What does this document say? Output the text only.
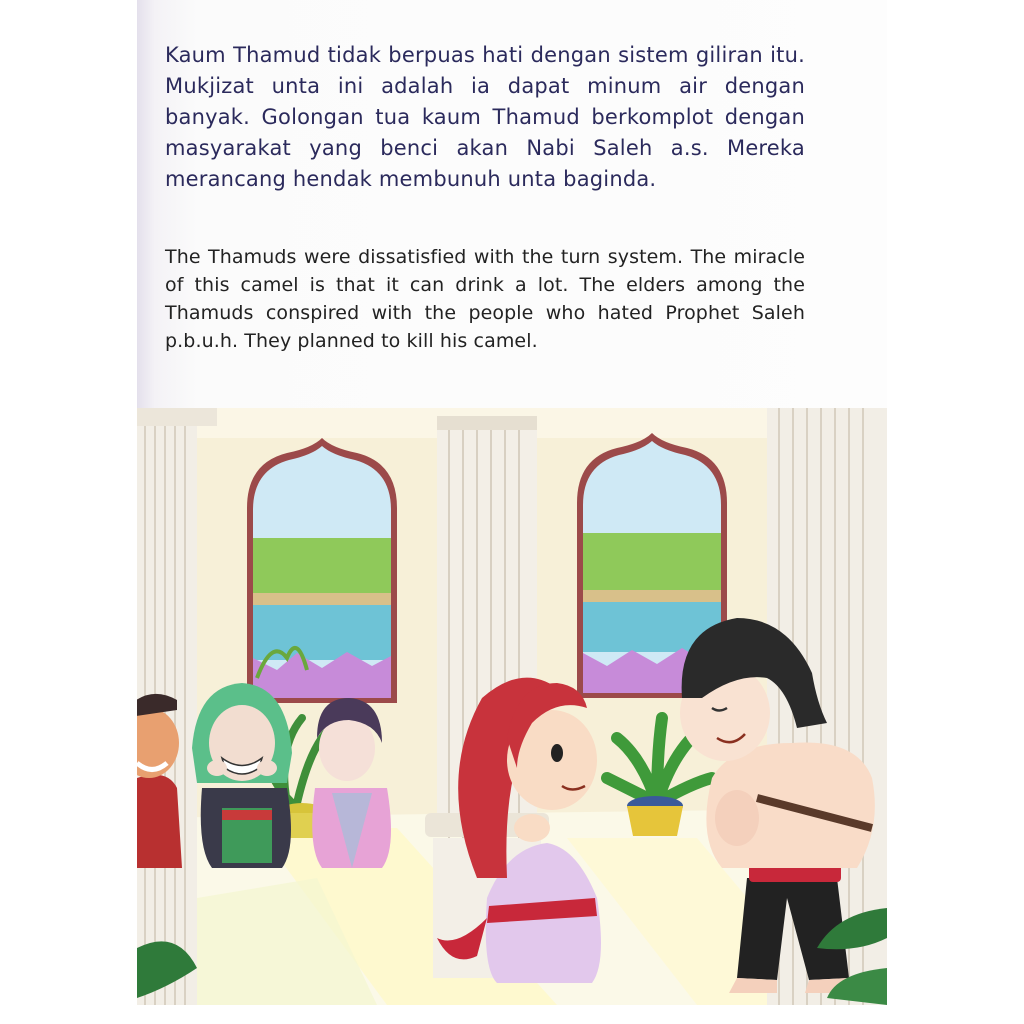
Kaum Thamud tidak berpuas hati dengan sistem giliran itu. Mukjizat unta ini adalah ia dapat minum air dengan banyak. Golongan tua kaum Thamud berkomplot dengan masyarakat yang benci akan Nabi Saleh a.s. Mereka merancang hendak membunuh unta baginda.
The Thamuds were dissatisfied with the turn system. The miracle of this camel is that it can drink a lot. The elders among the Thamuds conspired with the people who hated Prophet Saleh p.b.u.h. They planned to kill his camel.
